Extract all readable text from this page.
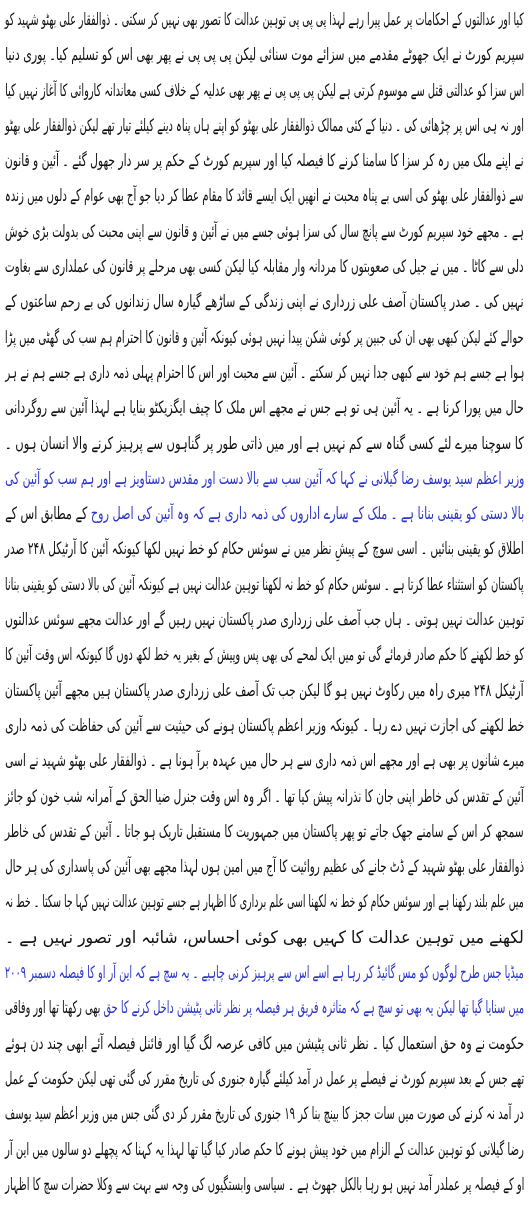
کیا اور عدالتوں کے احکامات پر عمل پیرا رہے لہذا پی پی پی توہین عدالت کا تصور بھی نہیں کر سکتی ۔ ذوالفقار علی بھٹو شہید کو
سپریم کورٹ نے ایک جھوٹے مقدمے میں سزائے موت سنائی لیکن پی پی پی نے پھر بھی اس کو تسلیم کیا۔ پوری دنیا
اس سزا کو عدالتی قتل سے موسوم کرتی ہے لیکن پی پی پی نے پھر بھی عدلیہ کے خلاف کسی معاندانہ کاروائی کا آغاز نہیں کیا
اور نہ ہی اس پر چڑھائی کی ۔ دنیا کے کئی ممالک ذوالفقار علی بھٹو کو اپنے ہاں پناہ دینے کیلئے تیار تھے لیکن ذوالفقار علی بھٹو
نے اپنے ملک میں رہ کر سزا کا سامنا کرنے کا فیصلہ کیا اور سپریم کورٹ کے حکم پر سر دار جھول گئے ۔ آئین و قانون
سے ذوالفقار علی بھٹو کی اسی بے پناہ محبت نے انھیں ایک ایسے قائد کا مقام عطا کر دیا جو آج بھی عوام کے دلوں میں زندہ
ہے ۔ مجھے خود سپریم کورٹ سے پانچ سال کی سزا ہوئی جسے میں نے آئین و قانون سے اپنی محبت کی بدولت بڑی خوش
دلی سے کاٹا ۔ میں نے جیل کی صعوبتوں کا مردانہ وار مقابلہ کیا لیکن کسی بھی مرحلے پر قانون کی عملداری سے بغاوت
نہیں کی ۔ صدر پاکستان آصف علی زرداری نے اپنی زندگی کے ساڑھے گیارہ سال زندانوں کی بے رحم ساعتوں کے
حوالے کئے لیکن کبھی بھی ان کی جبین پر کوئی شکن پیدا نہیں ہوئی کیونکہ آئین و قانون کا احترام ہم سب کی گھٹی میں پڑا
ہوا ہے جسے ہم خود سے کبھی جدا نہیں کر سکتے ۔ آئین سے محبت اور اس کا احترام پہلی ذمہ داری ہے جسے ہم نے ہر
حال میں پورا کرنا ہے ۔ یہ آئین ہی تو ہے جس نے مجھے اس ملک کا چیف ایگزیکٹو بنایا ہے لہذا آئین سے روگردانی
کا سوچنا میرے لئے کسی گناہ سے کم نہیں ہے اور میں ذاتی طور پر گناہوں سے پرہیز کرنے والا انسان ہوں ۔
وزیر اعظم سید یوسف رضا گیلانی نے کہا کہ آئین سب سے بالا دست اور مقدس دستاویز ہے اور ہم سب کو آئین کی
بالا دستی کو یقینی بنانا ہے ۔ ملک کے سارے اداروں کی ذمہ داری ہے کہ وہ آئین کی اصل روح کے مطابق اس کے
اطلاق کو یقینی بنائیں ۔ اسی سوچ کے پیشِ نظر میں نے سوئس حکام کو خط نہیں لکھا کیونکہ آئین کا آرٹیکل ۲۴۸ صدر
پاکستان کو استثناء عطا کرتا ہے ۔ سوئس حکام کو خط نہ لکھنا توہین عدالت نہیں ہے کیونکہ آئین کی بالا دستی کو یقینی بنانا
توہین عدالت نہیں ہوتی ۔ ہاں جب آصف علی زرداری صدر پاکستان نہیں رہیں گے اور عدالت مجھے سوئس عدالتوں
کو خط لکھنے کا حکم صادر فرمائے گی تو میں ایک لمحے کی بھی پس وپیش کے بغیر یہ خط لکھ دوں گا کیونکہ اس وقت آئین کا
آرٹیکل ۲۴۸ میری راہ میں رکاوٹ نہیں ہو گا لیکن جب تک آصف علی زرداری صدر پاکستان ہیں مجھے آئین پاکستان
خط لکھنے کی اجازت نہیں دے رہا ۔ کیونکہ وزیر اعظم پاکستان ہونے کی حیثیت سے آئین کی حفاظت کی ذمہ داری
میرے شانوں پر بھی ہے اور مجھے اس ذمہ داری سے ہر حال میں عہدہ برآ ہونا ہے ۔ ذوالفقار علی بھٹو شہید نے اسی
آئین کے تقدس کی خاطر اپنی جان کا نذرانہ پیش کیا تھا ۔ اگر وہ اس وقت جنرل ضیا الحق کے آمرانہ شب خون کو جائز
سمجھ کر اس کے سامنے جھک جاتے تو پھر پاکستان میں جمہوریت کا مستقبل تاریک ہو جاتا ۔ آئین کے تقدس کی خاطر
ذوالفقار علی بھٹو شہید کے ڈٹ جانے کی عظیم روائیت کا آج میں امین ہوں لہذا مجھے بھی آئین کی پاسداری کی ہر حال
میں علم بلند رکھنا ہے اور سوئس حکام کو خط نہ لکھنا اسی علم برداری کا اظہار ہے جسے توہین عدالت نہیں کہا جا سکتا ۔ خط نہ
لکھنے میں توہین عدالت کا کہیں بھی کوئی احساس، شائبہ اور تصور نہیں ہے ۔
میڈیا جس طرح لوگوں کو مس گائیڈ کر رہا ہے اسے اس سے پرہیز کرنی چاہیے ۔ یہ سچ ہے کہ این آر او کا فیصلہ دسمبر ۲۰۰۹
میں سنایا گیا تھا لیکن یہ بھی تو سچ ہے کہ متاثرہ فریق ہر فیصلہ پر نظر ثانی پٹیشن داخل کرنے کا حق بھی رکھتا تھا اور وفاقی
حکومت نے وہ حق استعمال کیا ۔ نظر ثانی پٹیشن میں کافی عرصہ لگ گیا اور فائنل فیصلہ آئے ابھی چند دن ہوئے
تھے جس کے بعد سپریم کورٹ نے فیصلے پر عمل در آمد کیلئے گیارہ جنوری کی تاریخ مقرر کی گئی تھی لیکن حکومت کے عمل
در آمد نہ کرنے کی صورت میں سات ججز کا بینچ بنا کر ۱۹ جنوری کی تاریخ مقرر کر دی گئی جس میں وزیر اعظم سید یوسف
رضا گیلانی کو توہین عدالت کے الزام میں خود پیش ہونے کا حکم صادر کیا گیا تھا لہذا یہ کہنا کہ پچھلے دو سالوں میں این آر
او کے فیصلہ پر عملدر آمد نہیں ہو رہا بالکل جھوٹ ہے ۔ سیاسی وابستگیوں کی وجہ سے بہت سے وکلا حضرات سچ کا اظہار
